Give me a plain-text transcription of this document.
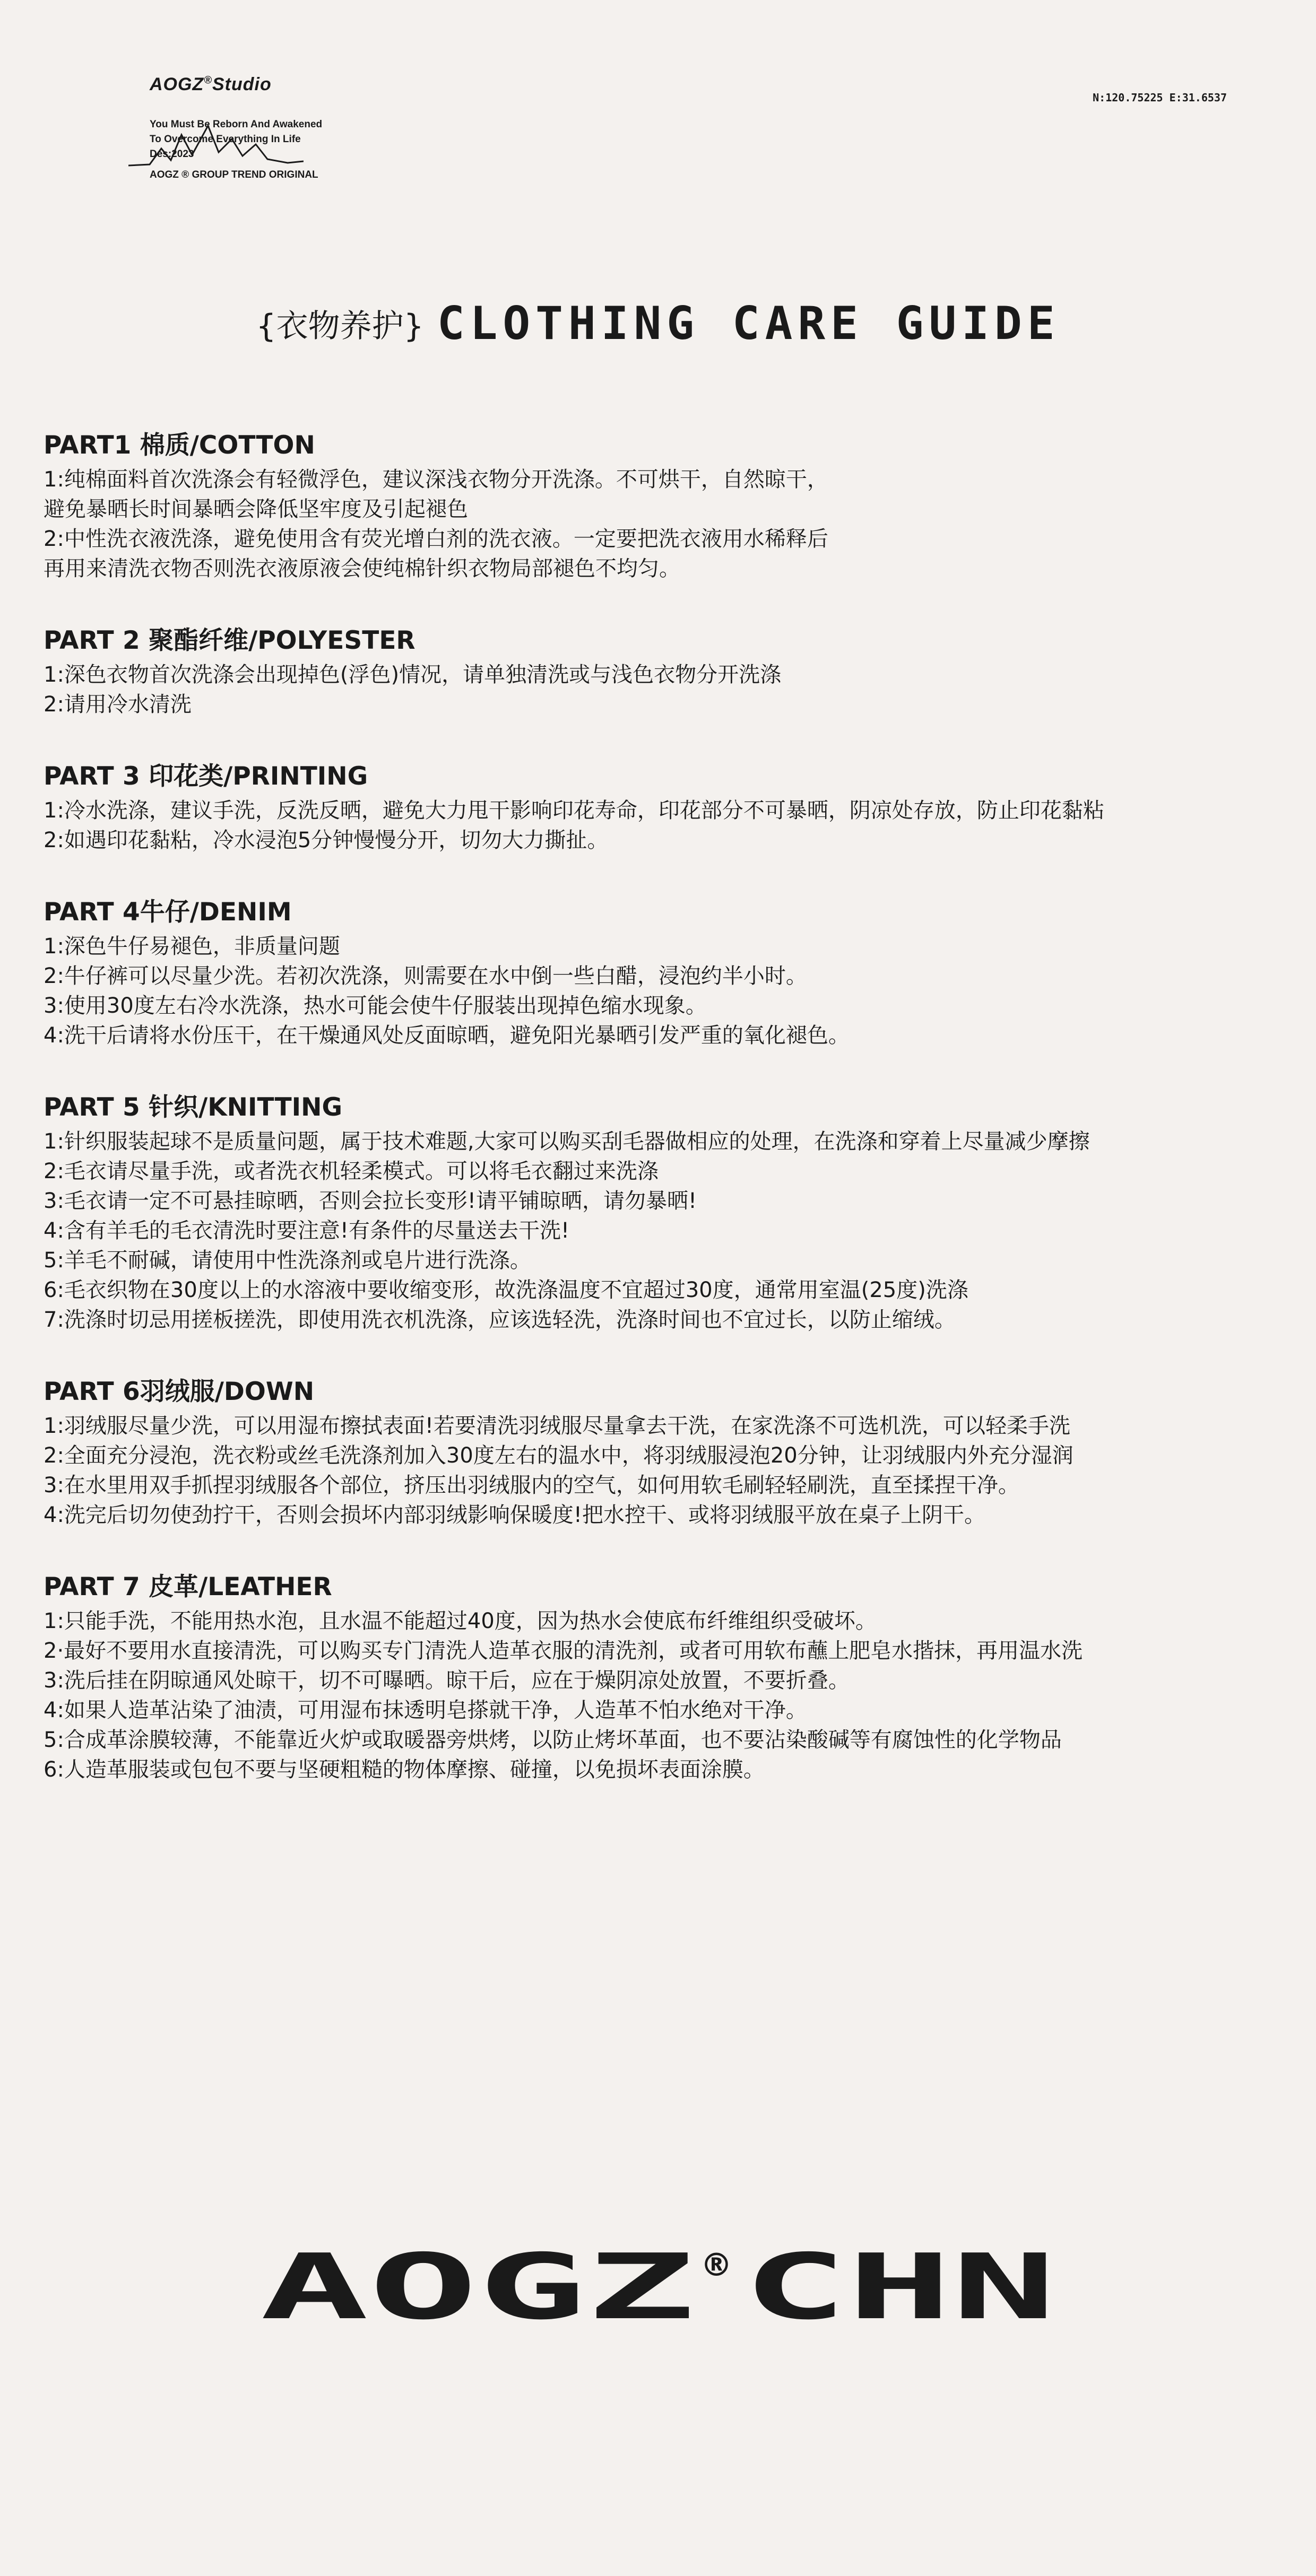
AOGZ®Studio
You Must Be Reborn And Awakened
To Overcome Everything In Life
Des:2023
AOGZ ® GROUP TREND ORIGINAL
N:120.75225 E:31.6537
{衣物养护} CLOTHING CARE GUIDE
PART1 棉质/COTTON

1:纯棉面料首次洗涤会有轻微浮色，建议深浅衣物分开洗涤。不可烘干，自然晾干，

避免暴晒长时间暴晒会降低坚牢度及引起褪色

2:中性洗衣液洗涤，避免使用含有荧光增白剂的洗衣液。一定要把洗衣液用水稀释后

再用来清洗衣物否则洗衣液原液会使纯棉针织衣物局部褪色不均匀。

PART 2 聚酯纤维/POLYESTER

1:深色衣物首次洗涤会出现掉色(浮色)情况，请单独清洗或与浅色衣物分开洗涤

2:请用冷水清洗

PART 3 印花类/PRINTING

1:冷水洗涤，建议手洗，反洗反晒，避免大力甩干影响印花寿命，印花部分不可暴晒，阴凉处存放，防止印花黏粘

2:如遇印花黏粘，冷水浸泡5分钟慢慢分开，切勿大力撕扯。

PART 4牛仔/DENIM

1:深色牛仔易褪色，非质量问题

2:牛仔裤可以尽量少洗。若初次洗涤，则需要在水中倒一些白醋，浸泡约半小时。

3:使用30度左右冷水洗涤，热水可能会使牛仔服装出现掉色缩水现象。

4:洗干后请将水份压干，在干燥通风处反面晾晒，避免阳光暴晒引发严重的氧化褪色。

PART 5 针织/KNITTING

1:针织服装起球不是质量问题，属于技术难题,大家可以购买刮毛器做相应的处理，在洗涤和穿着上尽量减少摩擦

2:毛衣请尽量手洗，或者洗衣机轻柔模式。可以将毛衣翻过来洗涤

3:毛衣请一定不可悬挂晾晒，否则会拉长变形!请平铺晾晒，请勿暴晒!

4:含有羊毛的毛衣清洗时要注意!有条件的尽量送去干洗!

5:羊毛不耐碱，请使用中性洗涤剂或皂片进行洗涤。

6:毛衣织物在30度以上的水溶液中要收缩变形，故洗涤温度不宜超过30度，通常用室温(25度)洗涤

7:洗涤时切忌用搓板搓洗，即使用洗衣机洗涤，应该选轻洗，洗涤时间也不宜过长，以防止缩绒。

PART 6羽绒服/DOWN

1:羽绒服尽量少洗，可以用湿布擦拭表面!若要清洗羽绒服尽量拿去干洗，在家洗涤不可选机洗，可以轻柔手洗

2:全面充分浸泡，洗衣粉或丝毛洗涤剂加入30度左右的温水中，将羽绒服浸泡20分钟，让羽绒服内外充分湿润

3:在水里用双手抓捏羽绒服各个部位，挤压出羽绒服内的空气，如何用软毛刷轻轻刷洗，直至揉捏干净。

4:洗完后切勿使劲拧干，否则会损坏内部羽绒影响保暖度!把水控干、或将羽绒服平放在桌子上阴干。

PART 7 皮革/LEATHER

1:只能手洗，不能用热水泡，且水温不能超过40度，因为热水会使底布纤维组织受破坏。

2·最好不要用水直接清洗，可以购买专门清洗人造革衣服的清洗剂，或者可用软布蘸上肥皂水揩抹，再用温水洗

3:洗后挂在阴晾通风处晾干，切不可曝晒。晾干后，应在于燥阴凉处放置，不要折叠。

4:如果人造革沾染了油渍，可用湿布抹透明皂搽就干净，人造革不怕水绝对干净。

5:合成革涂膜较薄，不能靠近火炉或取暖器旁烘烤，以防止烤坏革面，也不要沾染酸碱等有腐蚀性的化学物品

6:人造革服装或包包不要与坚硬粗糙的物体摩擦、碰撞，以免损坏表面涂膜。

AOGZ ® CHN
